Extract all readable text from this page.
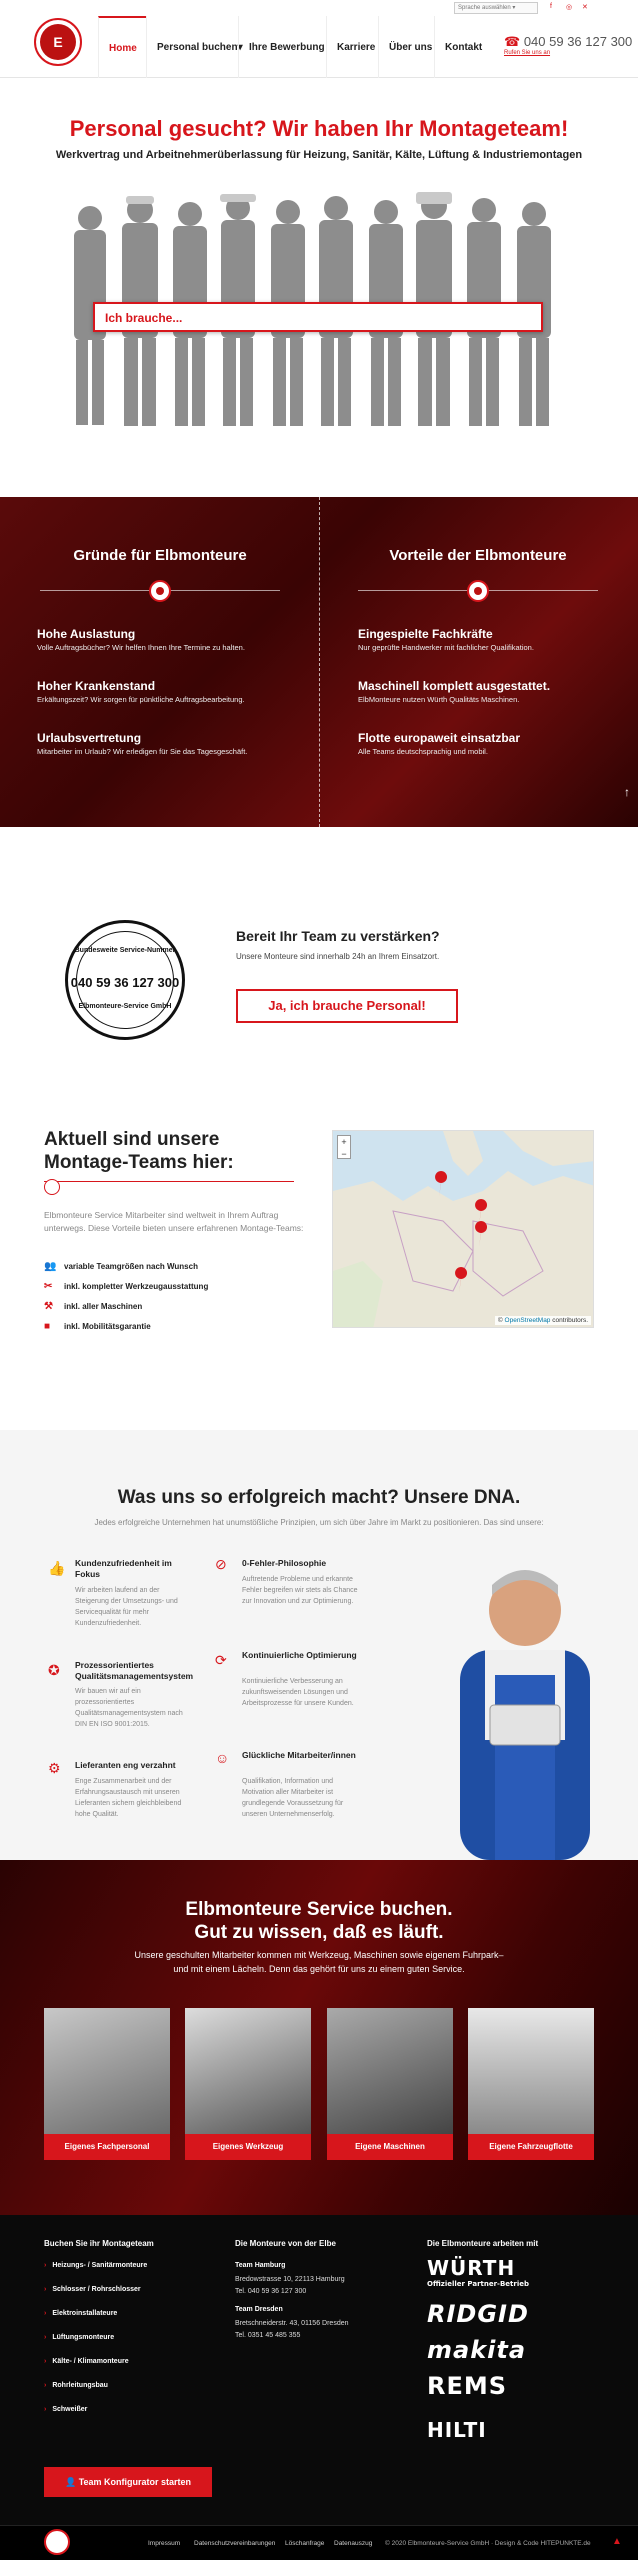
E	Home	Personal buchen ▾ Ihre Bewerbung	Karriere	Über uns	Kontakt
Sprache auswählen ▾	f ◎ ✕
☎ 040 59 36 127 300
Rufen Sie uns an
Personal gesucht? Wir haben Ihr Montageteam!
Werkvertrag und Arbeitnehmerüberlassung für Heizung, Sanitär, Kälte, Lüftung & Industriemontagen
Ich brauche...
Gründe für Elbmonteure	Vorteile der Elbmonteure
Hohe Auslastung
Volle Auftragsbücher? Wir helfen Ihnen Ihre Termine zu halten.
Hoher Krankenstand
Erkältungszeit? Wir sorgen für pünktliche Auftragsbearbeitung.
Urlaubsvertretung
Mitarbeiter im Urlaub? Wir erledigen für Sie das Tagesgeschäft.
Eingespielte Fachkräfte
Nur geprüfte Handwerker mit fachlicher Qualifikation.
Maschinell komplett ausgestattet.
ElbMonteure nutzen Würth Qualitäts Maschinen.
Flotte europaweit einsatzbar
Alle Teams deutschsprachig und mobil.
↑
Bundesweite Service-Nummer
040 59 36 127 300
Elbmonteure-Service GmbH
Bereit Ihr Team zu verstärken?
Unsere Monteure sind innerhalb 24h an Ihrem Einsatzort.
Ja, ich brauche Personal!
Aktuell sind unsere Montage-Teams hier:
Elbmonteure Service Mitarbeiter sind weltweit in Ihrem Auftrag unterwegs. Diese Vorteile bieten unsere erfahrenen Montage-Teams:
👥 variable Teamgrößen nach Wunsch
✂ inkl. kompletter Werkzeugausstattung
⚒ inkl. aller Maschinen
■ inkl. Mobilitätsgarantie
+
−
© OpenStreetMap contributors.
Was uns so erfolgreich macht? Unsere DNA.
Jedes erfolgreiche Unternehmen hat unumstößliche Prinzipien, um sich über Jahre im Markt zu positionieren. Das sind unsere:
👍 Kundenzufriedenheit im Fokus
Wir arbeiten laufend an der Steigerung der Umsetzungs- und Servicequalität für mehr Kundenzufriedenheit.
⊘ 0-Fehler-Philosophie
Auftretende Probleme und erkannte Fehler begreifen wir stets als Chance zur Innovation und zur Optimierung.
✪ Prozessorientiertes Qualitätsmanagementsystem
Wir bauen wir auf ein prozessorientiertes Qualitätsmanagementsystem nach DIN EN ISO 9001:2015.
⟳ Kontinuierliche Optimierung
Kontinuierliche Verbesserung an zukunftsweisenden Lösungen und Arbeitsprozesse für unsere Kunden.
⚙ Lieferanten eng verzahnt
Enge Zusammenarbeit und der Erfahrungsaustausch mit unseren Lieferanten sichern gleichbleibend hohe Qualität.
☺ Glückliche Mitarbeiter/innen
Qualifikation, Information und Motivation aller Mitarbeiter ist grundlegende Voraussetzung für unseren Unternehmenserfolg.
Elbmonteure Service buchen.
Gut zu wissen, daß es läuft.
Unsere geschulten Mitarbeiter kommen mit Werkzeug, Maschinen sowie eigenem Fuhrpark– und mit einem Lächeln. Denn das gehört für uns zu einem guten Service.
Eigenes Fachpersonal	Eigenes Werkzeug	Eigene Maschinen	Eigene Fahrzeugflotte
Buchen Sie ihr Montageteam
› Heizungs- / Sanitärmonteure
› Schlosser / Rohrschlosser
› Elektroinstallateure
› Lüftungsmonteure
› Kälte- / Klimamonteure
› Rohrleitungsbau
› Schweißer
Die Monteure von der Elbe
Team Hamburg
Bredowstrasse 10, 22113 Hamburg
Tel. 040 59 36 127 300
Team Dresden
Bretschneiderstr. 43, 01156 Dresden
Tel. 0351 45 485 355
Die Elbmonteure arbeiten mit
WÜRTH
Offizieller Partner-Betrieb
RIDGID
makita
REMS
HILTI
👤 Team Konfigurator starten
Impressum Datenschutzvereinbarungen Löschanfrage Datenauszug © 2020 Elbmonteure-Service GmbH · Design & Code HITEPUNKTE.de ▲
